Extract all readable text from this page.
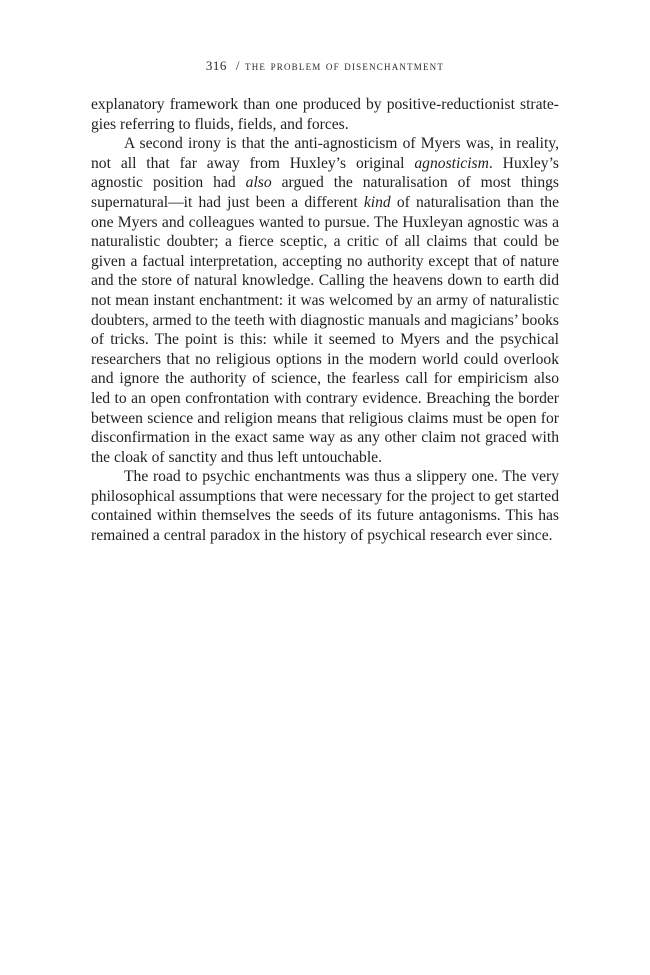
316 / the problem of disenchantment

explanatory framework than one produced by positive-reductionist strategies referring to fluids, fields, and forces.

A second irony is that the anti-agnosticism of Myers was, in reality, not all that far away from Huxley’s original agnosticism. Huxley’s agnostic position had also argued the naturalisation of most things supernatural—it had just been a different kind of naturalisation than the one Myers and colleagues wanted to pursue. The Huxleyan agnostic was a naturalistic doubter; a fierce sceptic, a critic of all claims that could be given a factual interpretation, accepting no authority except that of nature and the store of natural knowledge. Calling the heavens down to earth did not mean instant enchantment: it was welcomed by an army of naturalistic doubters, armed to the teeth with diagnostic manuals and magicians’ books of tricks. The point is this: while it seemed to Myers and the psychical researchers that no religious options in the modern world could overlook and ignore the authority of science, the fearless call for empiricism also led to an open confrontation with contrary evidence. Breaching the border between science and religion means that religious claims must be open for disconfirmation in the exact same way as any other claim not graced with the cloak of sanctity and thus left untouchable.

The road to psychic enchantments was thus a slippery one. The very philosophical assumptions that were necessary for the project to get started contained within themselves the seeds of its future antagonisms. This has remained a central paradox in the history of psychical research ever since.
